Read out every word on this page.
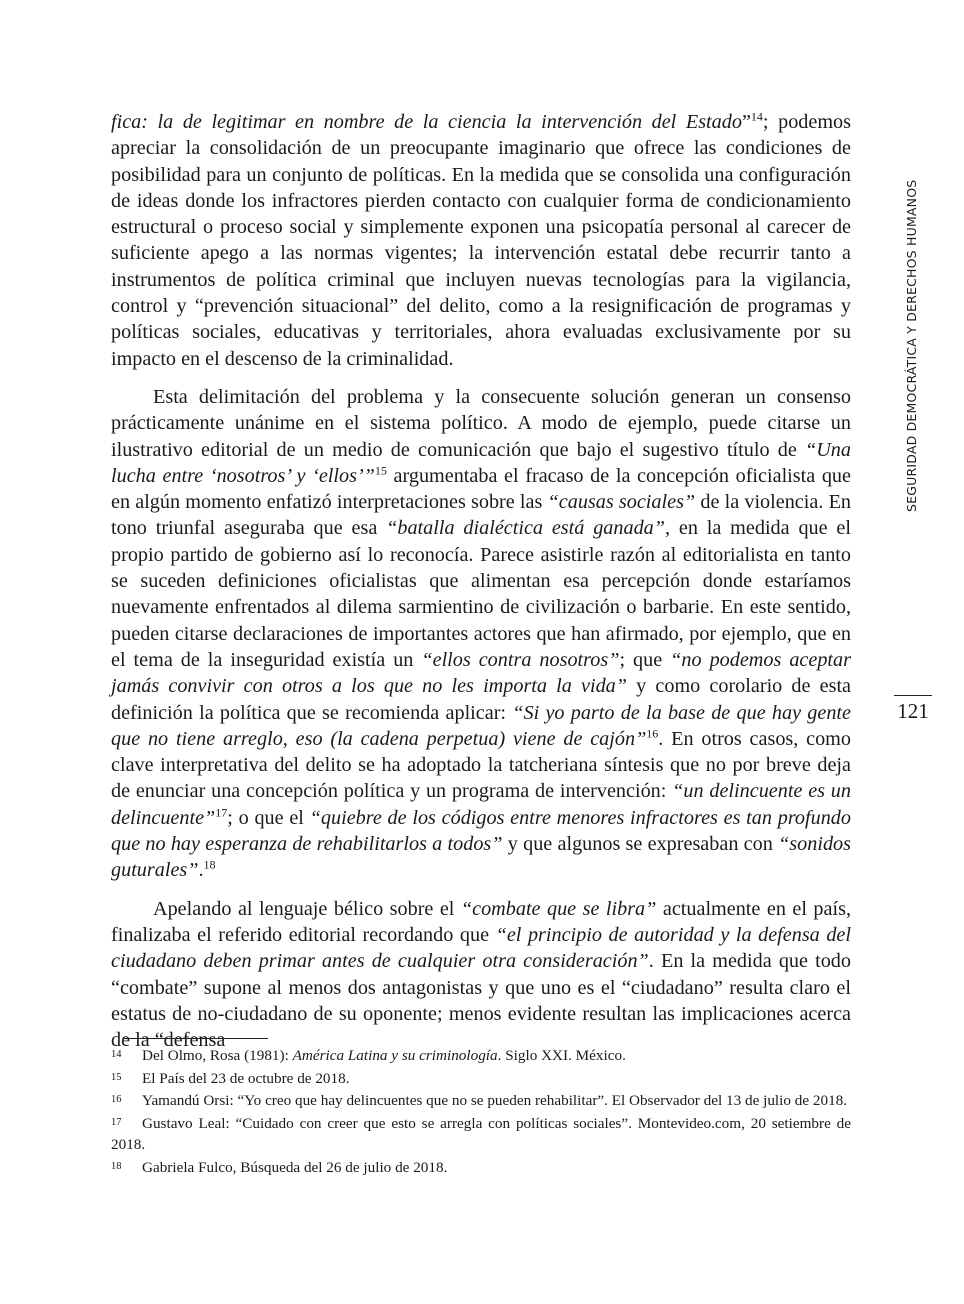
fica: la de legitimar en nombre de la ciencia la intervención del Estado”$^{14}$; podemos apreciar la consolidación de un preocupante imaginario que ofrece las condiciones de posibilidad para un conjunto de políticas. En la medida que se consolida una configuración de ideas donde los infractores pierden contacto con cualquier forma de condicionamiento estructural o proceso social y simplemente exponen una psicopatía personal al carecer de suficiente apego a las normas vigentes; la intervención estatal debe recurrir tanto a instrumentos de política criminal que incluyen nuevas tecnologías para la vigilancia, control y “prevención situacional” del delito, como a la resignificación de programas y políticas sociales, educativas y territoriales, ahora evaluadas exclusivamente por su impacto en el descenso de la criminalidad.

Esta delimitación del problema y la consecuente solución generan un consenso prácticamente unánime en el sistema político. A modo de ejemplo, puede citarse un ilustrativo editorial de un medio de comunicación que bajo el sugestivo título de “Una lucha entre ‘nosotros’ y ‘ellos’”$^{15}$ argumentaba el fracaso de la concepción oficialista que en algún momento enfatizó interpretaciones sobre las “causas sociales” de la violencia. En tono triunfal aseguraba que esa “batalla dialéctica está ganada”, en la medida que el propio partido de gobierno así lo reconocía. Parece asistirle razón al editorialista en tanto se suceden definiciones oficialistas que alimentan esa percepción donde estaríamos nuevamente enfrentados al dilema sarmientino de civilización o barbarie. En este sentido, pueden citarse declaraciones de importantes actores que han afirmado, por ejemplo, que en el tema de la inseguridad existía un “ellos contra nosotros”; que “no podemos aceptar jamás convivir con otros a los que no les importa la vida” y como corolario de esta definición la política que se recomienda aplicar: “Si yo parto de la base de que hay gente que no tiene arreglo, eso (la cadena perpetua) viene de cajón”$^{16}$. En otros casos, como clave interpretativa del delito se ha adoptado la tatcheriana síntesis que no por breve deja de enunciar una concepción política y un programa de intervención: “un delincuente es un delincuente”$^{17}$; o que el “quiebre de los códigos entre menores infractores es tan profundo que no hay esperanza de rehabilitarlos a todos” y que algunos se expresaban con “sonidos guturales”.$^{18}$

Apelando al lenguaje bélico sobre el “combate que se libra” actualmente en el país, finalizaba el referido editorial recordando que “el principio de autoridad y la defensa del ciudadano deben primar antes de cualquier otra consideración”. En la medida que todo “combate” supone al menos dos antagonistas y que uno es el “ciudadano” resulta claro el estatus de no-ciudadano de su oponente; menos evidente resultan las implicaciones acerca de la “defensa

SEGURIDAD DEMOCRÁTICA Y DERECHOS HUMANOS
121

14 Del Olmo, Rosa (1981): América Latina y su criminología. Siglo XXI. México.

15 El País del 23 de octubre de 2018.

16 Yamandú Orsi: “Yo creo que hay delincuentes que no se pueden rehabilitar”. El Observador del 13 de julio de 2018.

17 Gustavo Leal: “Cuidado con creer que esto se arregla con políticas sociales”. Montevideo.com, 20 setiembre de 2018.

18 Gabriela Fulco, Búsqueda del 26 de julio de 2018.
